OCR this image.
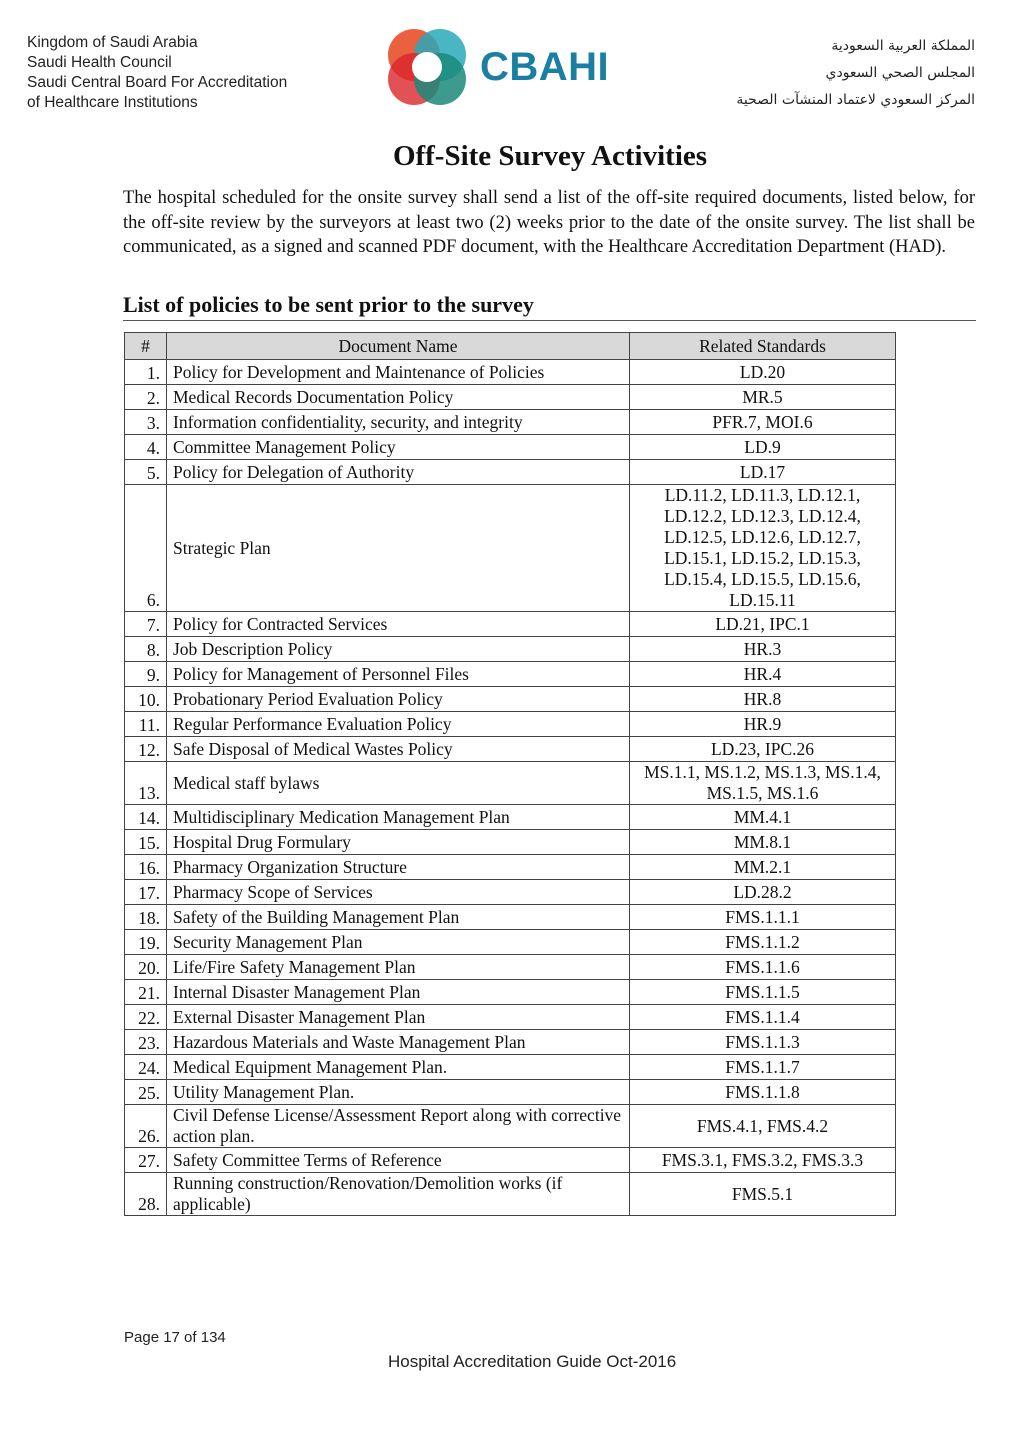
Kingdom of Saudi Arabia
Saudi Health Council
Saudi Central Board For Accreditation
of Healthcare Institutions
CBAHI	المملكة العربية السعودية
المجلس الصحي السعودي
المركز السعودي لاعتماد المنشآت الصحية
Off-Site Survey Activities
The hospital scheduled for the onsite survey shall send a list of the off-site required documents, listed below, for the off-site review by the surveyors at least two (2) weeks prior to the date of the onsite survey. The list shall be communicated, as a signed and scanned PDF document, with the Healthcare Accreditation Department (HAD).
List of policies to be sent prior to the survey
#	Document Name	Related Standards
1.	Policy for Development and Maintenance of Policies	LD.20
2.	Medical Records Documentation Policy	MR.5
3.	Information confidentiality, security, and integrity	PFR.7, MOI.6
4.	Committee Management Policy	LD.9
5.	Policy for Delegation of Authority	LD.17
6.	Strategic Plan	LD.11.2, LD.11.3, LD.12.1, LD.12.2, LD.12.3, LD.12.4, LD.12.5, LD.12.6, LD.12.7, LD.15.1, LD.15.2, LD.15.3, LD.15.4, LD.15.5, LD.15.6, LD.15.11
7.	Policy for Contracted Services	LD.21, IPC.1
8.	Job Description Policy	HR.3
9.	Policy for Management of Personnel Files	HR.4
10.	Probationary Period Evaluation Policy	HR.8
11.	Regular Performance Evaluation Policy	HR.9
12.	Safe Disposal of Medical Wastes Policy	LD.23, IPC.26
13.	Medical staff bylaws	MS.1.1, MS.1.2, MS.1.3, MS.1.4, MS.1.5, MS.1.6
14.	Multidisciplinary Medication Management Plan	MM.4.1
15.	Hospital Drug Formulary	MM.8.1
16.	Pharmacy Organization Structure	MM.2.1
17.	Pharmacy Scope of Services	LD.28.2
18.	Safety of the Building Management Plan	FMS.1.1.1
19.	Security Management Plan	FMS.1.1.2
20.	Life/Fire Safety Management Plan	FMS.1.1.6
21.	Internal Disaster Management Plan	FMS.1.1.5
22.	External Disaster Management Plan	FMS.1.1.4
23.	Hazardous Materials and Waste Management Plan	FMS.1.1.3
24.	Medical Equipment Management Plan.	FMS.1.1.7
25.	Utility Management Plan.	FMS.1.1.8
26.	Civil Defense License/Assessment Report along with corrective action plan.	FMS.4.1, FMS.4.2
27.	Safety Committee Terms of Reference	FMS.3.1, FMS.3.2, FMS.3.3
28.	Running construction/Renovation/Demolition works (if applicable)	FMS.5.1
Page 17 of 134
Hospital Accreditation Guide Oct-2016
